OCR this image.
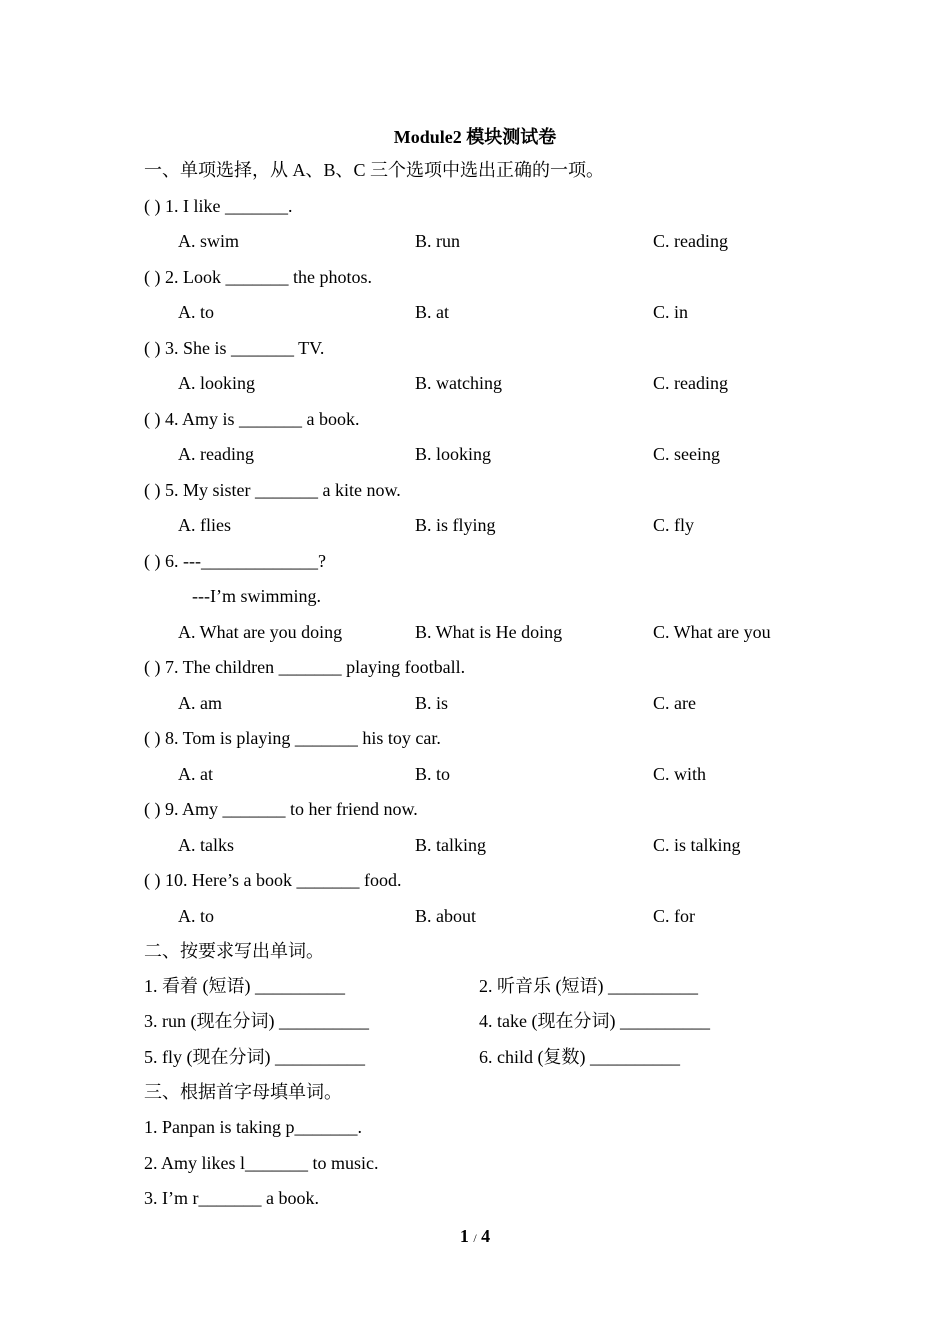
Module2 模块测试卷
一、单项选择，从 A、B、C 三个选项中选出正确的一项。
( ) 1. I like _______.
A. swim	B. run	C. reading
( ) 2. Look _______ the photos.
A. to	B. at	C. in
( ) 3. She is _______ TV.
A. looking	B. watching	C. reading
( ) 4. Amy is _______ a book.
A. reading	B. looking	C. seeing
( ) 5. My sister _______ a kite now.
A. flies	B. is flying	C. fly
( ) 6. ---_____________?
---I’m swimming.
A. What are you doing	B. What is He doing	C. What are you
( ) 7. The children _______ playing football.
A. am	B. is	C. are
( ) 8. Tom is playing _______ his toy car.
A. at	B. to	C. with
( ) 9. Amy _______ to her friend now.
A. talks	B. talking	C. is talking
( ) 10. Here’s a book _______ food.
A. to	B. about	C. for
二、按要求写出单词。
1. 看着 (短语) __________	2. 听音乐 (短语) __________
3. run (现在分词) __________	4. take (现在分词) __________
5. fly (现在分词) __________	6. child (复数) __________
三、根据首字母填单词。
1. Panpan is taking p_______.
2. Amy likes l_______ to music.
3. I’m r_______ a book.
1 / 4
